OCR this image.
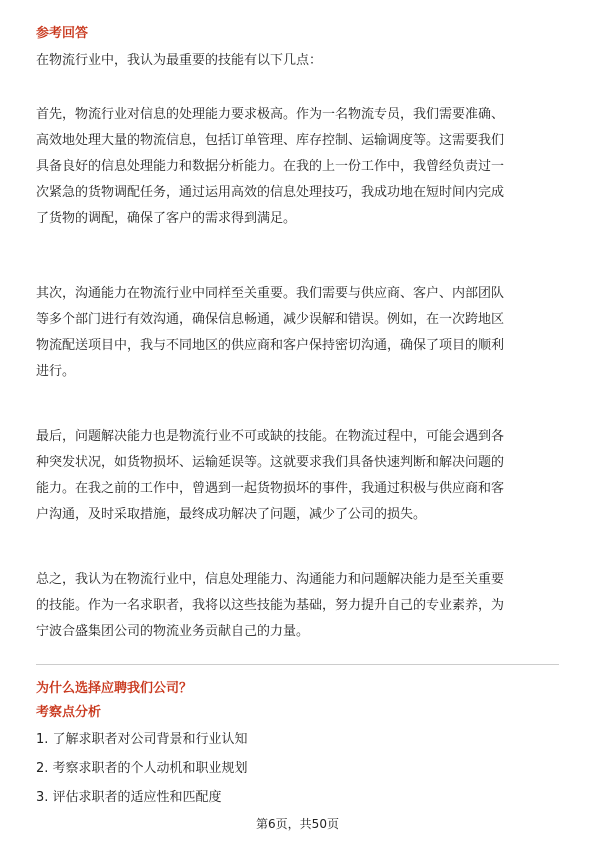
参考回答
在物流行业中，我认为最重要的技能有以下几点：
首先，物流行业对信息的处理能力要求极高。作为一名物流专员，我们需要准确、
高效地处理大量的物流信息，包括订单管理、库存控制、运输调度等。这需要我们
具备良好的信息处理能力和数据分析能力。在我的上一份工作中，我曾经负责过一
次紧急的货物调配任务，通过运用高效的信息处理技巧，我成功地在短时间内完成
了货物的调配，确保了客户的需求得到满足。
其次，沟通能力在物流行业中同样至关重要。我们需要与供应商、客户、内部团队
等多个部门进行有效沟通，确保信息畅通，减少误解和错误。例如，在一次跨地区
物流配送项目中，我与不同地区的供应商和客户保持密切沟通，确保了项目的顺利
进行。
最后，问题解决能力也是物流行业不可或缺的技能。在物流过程中，可能会遇到各
种突发状况，如货物损坏、运输延误等。这就要求我们具备快速判断和解决问题的
能力。在我之前的工作中，曾遇到一起货物损坏的事件，我通过积极与供应商和客
户沟通，及时采取措施，最终成功解决了问题，减少了公司的损失。
总之，我认为在物流行业中，信息处理能力、沟通能力和问题解决能力是至关重要
的技能。作为一名求职者，我将以这些技能为基础，努力提升自己的专业素养，为
宁波合盛集团公司的物流业务贡献自己的力量。
为什么选择应聘我们公司？
考察点分析
1. 了解求职者对公司背景和行业认知
2. 考察求职者的个人动机和职业规划
3. 评估求职者的适应性和匹配度
第6页，共50页
